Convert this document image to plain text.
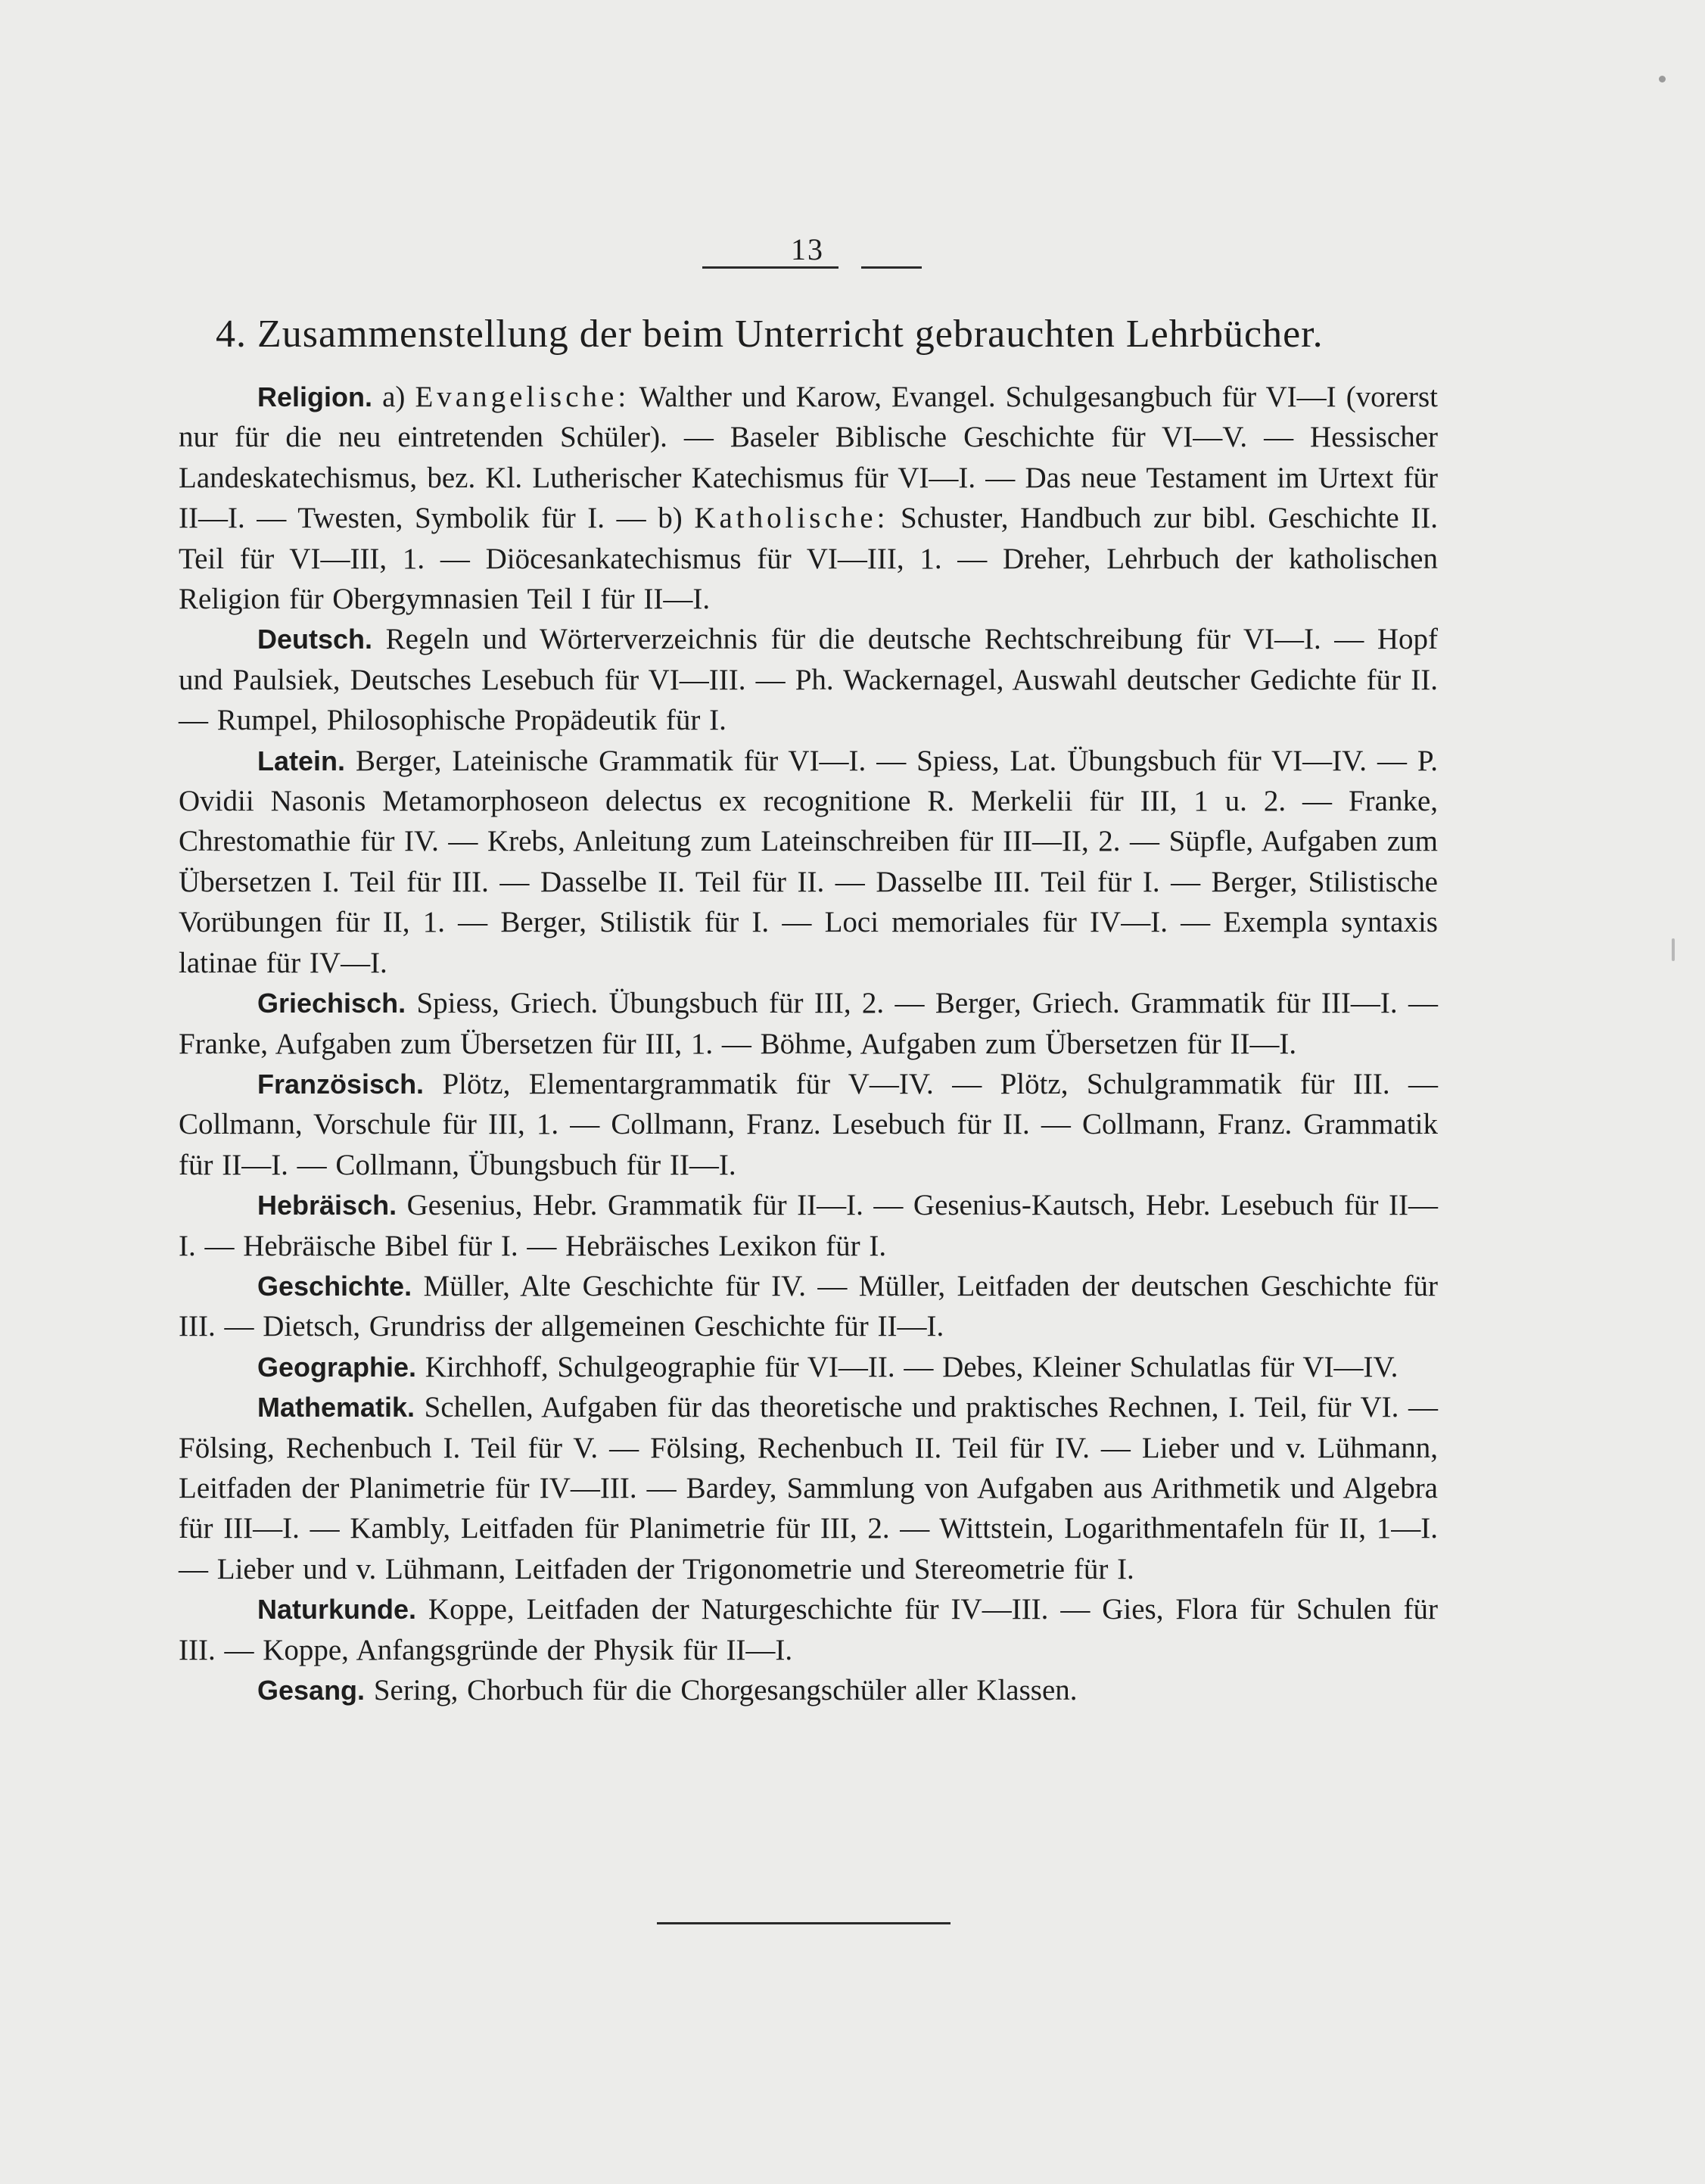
13
4. Zusammenstellung der beim Unterricht gebrauchten Lehrbücher.

Religion. a) Evangelische: Walther und Karow, Evangel. Schulgesangbuch für VI—I (vorerst nur für die neu eintretenden Schüler). — Baseler Biblische Geschichte für VI—V. — Hessischer Landeskatechismus, bez. Kl. Lutherischer Katechismus für VI—I. — Das neue Testament im Urtext für II—I. — Twesten, Symbolik für I. — b) Katholische: Schuster, Handbuch zur bibl. Geschichte II. Teil für VI—III, 1. — Diöcesankatechismus für VI—III, 1. — Dreher, Lehrbuch der katholischen Religion für Obergymnasien Teil I für II—I.

Deutsch. Regeln und Wörterverzeichnis für die deutsche Rechtschreibung für VI—I. — Hopf und Paulsiek, Deutsches Lesebuch für VI—III. — Ph. Wackernagel, Auswahl deutscher Gedichte für II. — Rumpel, Philosophische Propädeutik für I.

Latein. Berger, Lateinische Grammatik für VI—I. — Spiess, Lat. Übungsbuch für VI—IV. — P. Ovidii Nasonis Metamorphoseon delectus ex recognitione R. Merkelii für III, 1 u. 2. — Franke, Chrestomathie für IV. — Krebs, Anleitung zum Lateinschreiben für III—II, 2. — Süpfle, Aufgaben zum Übersetzen I. Teil für III. — Dasselbe II. Teil für II. — Dasselbe III. Teil für I. — Berger, Stilistische Vorübungen für II, 1. — Berger, Stilistik für I. — Loci memoriales für IV—I. — Exempla syntaxis latinae für IV—I.

Griechisch. Spiess, Griech. Übungsbuch für III, 2. — Berger, Griech. Grammatik für III—I. — Franke, Aufgaben zum Übersetzen für III, 1. — Böhme, Aufgaben zum Übersetzen für II—I.

Französisch. Plötz, Elementargrammatik für V—IV. — Plötz, Schulgrammatik für III. — Collmann, Vorschule für III, 1. — Collmann, Franz. Lesebuch für II. — Collmann, Franz. Grammatik für II—I. — Collmann, Übungsbuch für II—I.

Hebräisch. Gesenius, Hebr. Grammatik für II—I. — Gesenius-Kautsch, Hebr. Lesebuch für II—I. — Hebräische Bibel für I. — Hebräisches Lexikon für I.

Geschichte. Müller, Alte Geschichte für IV. — Müller, Leitfaden der deutschen Geschichte für III. — Dietsch, Grundriss der allgemeinen Geschichte für II—I.

Geographie. Kirchhoff, Schulgeographie für VI—II. — Debes, Kleiner Schulatlas für VI—IV.

Mathematik. Schellen, Aufgaben für das theoretische und praktisches Rechnen, I. Teil, für VI. — Fölsing, Rechenbuch I. Teil für V. — Fölsing, Rechenbuch II. Teil für IV. — Lieber und v. Lühmann, Leitfaden der Planimetrie für IV—III. — Bardey, Sammlung von Aufgaben aus Arithmetik und Algebra für III—I. — Kambly, Leitfaden für Planimetrie für III, 2. — Wittstein, Logarithmentafeln für II, 1—I. — Lieber und v. Lühmann, Leitfaden der Trigonometrie und Stereometrie für I.

Naturkunde. Koppe, Leitfaden der Naturgeschichte für IV—III. — Gies, Flora für Schulen für III. — Koppe, Anfangsgründe der Physik für II—I.

Gesang. Sering, Chorbuch für die Chorgesangschüler aller Klassen.
